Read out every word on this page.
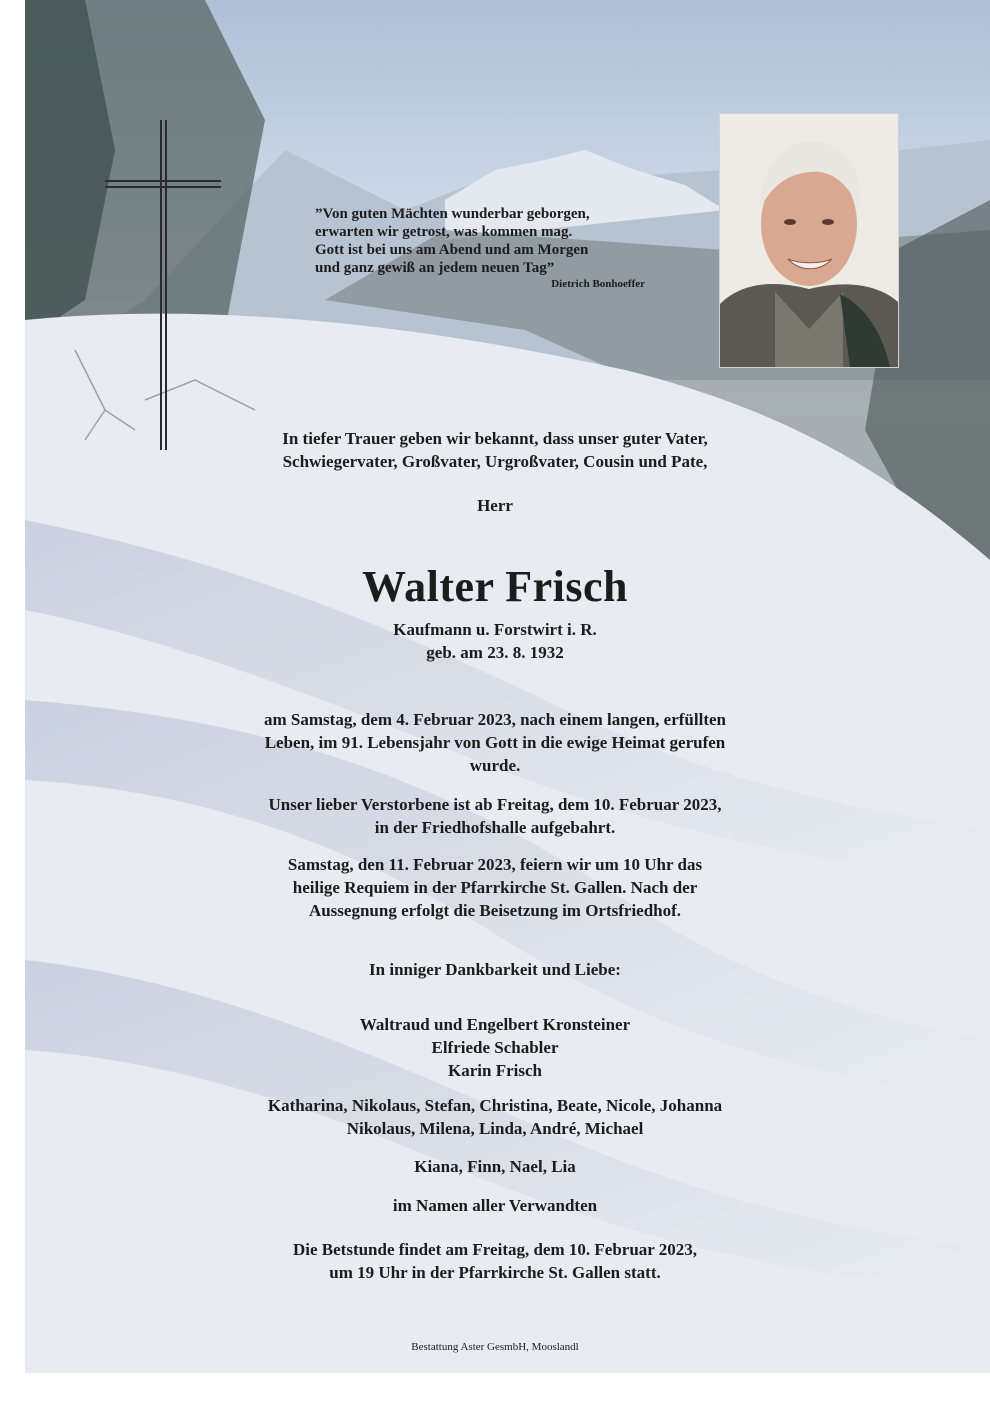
”Von guten Mächten wunderbar geborgen,
erwarten wir getrost, was kommen mag.
Gott ist bei uns am Abend und am Morgen
und ganz gewiß an jedem neuen Tag”
Dietrich Bonhoeffer

In tiefer Trauer geben wir bekannt, dass unser guter Vater,

Schwiegervater, Großvater, Urgroßvater, Cousin und Pate,

Herr
Walter Frisch

Kaufmann u. Forstwirt i. R.

geb. am 23. 8. 1932

am Samstag, dem 4. Februar 2023, nach einem langen, erfüllten

Leben, im 91. Lebensjahr von Gott in die ewige Heimat gerufen

wurde.

Unser lieber Verstorbene ist ab Freitag, dem 10. Februar 2023,

in der Friedhofshalle aufgebahrt.

Samstag, den 11. Februar 2023, feiern wir um 10 Uhr das

heilige Requiem in der Pfarrkirche St. Gallen. Nach der

Aussegnung erfolgt die Beisetzung im Ortsfriedhof.

In inniger Dankbarkeit und Liebe:

Waltraud und Engelbert Kronsteiner

Elfriede Schabler

Karin Frisch

Katharina, Nikolaus, Stefan, Christina, Beate, Nicole, Johanna

Nikolaus, Milena, Linda, André, Michael

Kiana, Finn, Nael, Lia
im Namen aller Verwandten

Die Betstunde findet am Freitag, dem 10. Februar 2023,

um 19 Uhr in der Pfarrkirche St. Gallen statt.

Bestattung Aster GesmbH, Mooslandl
